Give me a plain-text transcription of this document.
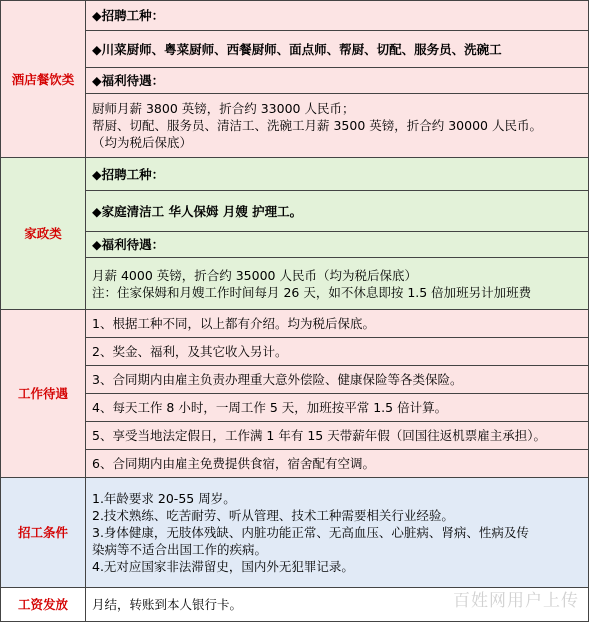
酒店餐饮类	◆招聘工种：
	◆川菜厨师、粤菜厨师、西餐厨师、面点师、帮厨、切配、服务员、洗碗工
	◆福利待遇：

	厨师月薪 3800 英镑，折合约 33000 人民币；
帮厨、切配、服务员、清洁工、洗碗工月薪 3500 英镑，折合约 30000 人民币。
（均为税后保底）

家政类	◆招聘工种：
	◆家庭清洁工 华人保姆 月嫂 护理工。
	◆福利待遇：

	月薪 4000 英镑，折合约 35000 人民币（均为税后保底）
注：住家保姆和月嫂工作时间每月 26 天，如不休息即按 1.5 倍加班另计加班费

工作待遇	1、根据工种不同，以上都有介绍。均为税后保底。
	2、奖金、福利，及其它收入另计。
	3、合同期内由雇主负责办理重大意外偿险、健康保险等各类保险。
	4、每天工作 8 小时，一周工作 5 天，加班按平常 1.5 倍计算。
	5、享受当地法定假日，工作满 1 年有 15 天带薪年假（回国往返机票雇主承担）。
	6、合同期内由雇主免费提供食宿，宿舍配有空调。
招工条件	1.年龄要求 20-55 周岁。
2.技术熟练、吃苦耐劳、听从管理、技术工种需要相关行业经验。
3.身体健康，无肢体残缺、内脏功能正常、无高血压、心脏病、肾病、性病及传
染病等不适合出国工作的疾病。
4.无对应国家非法滞留史，国内外无犯罪记录。

工资发放	月结，转账到本人银行卡。	百姓网用户上传
